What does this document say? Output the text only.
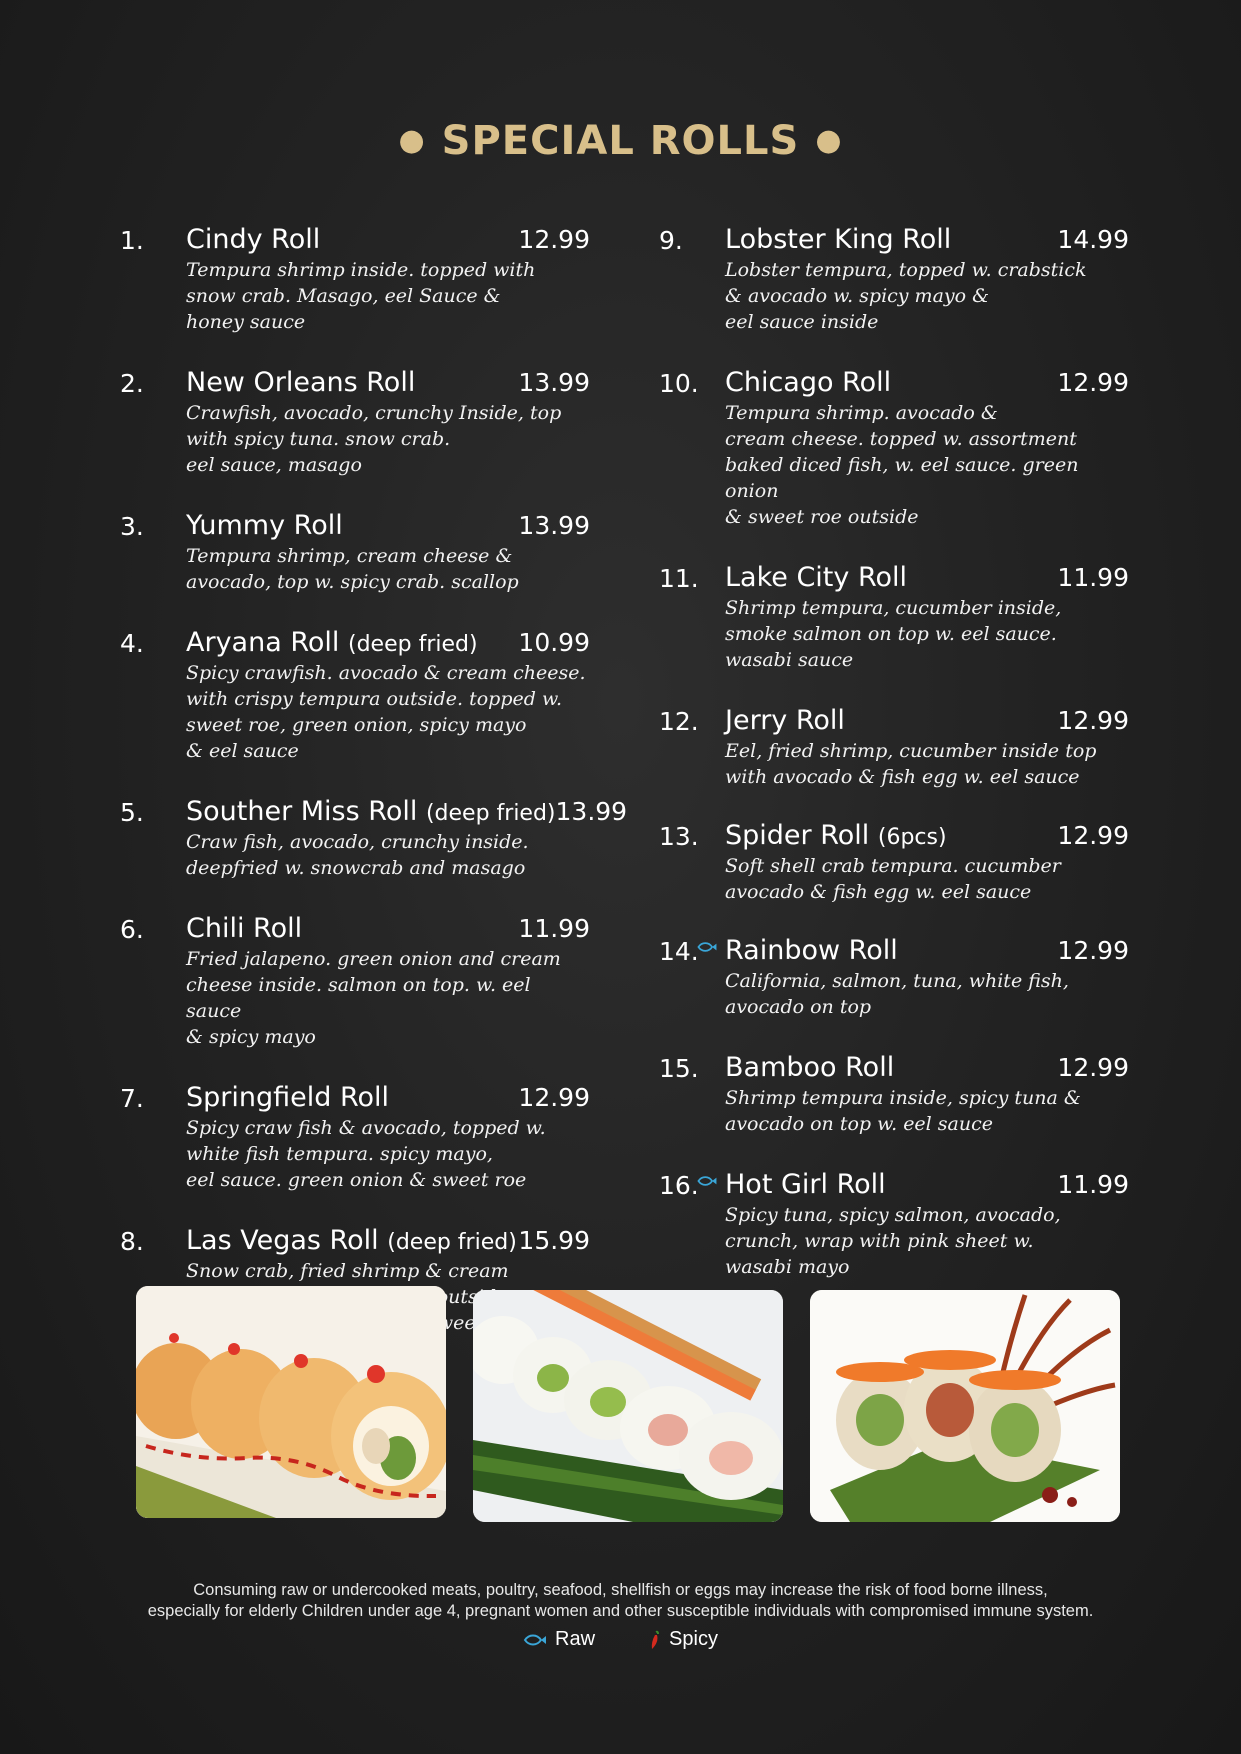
● SPECIAL ROLLS ●
1. Cindy Roll	12.99
Tempura shrimp inside. topped with
snow crab. Masago, eel Sauce &
honey sauce
2. New Orleans Roll	13.99
Crawfish, avocado, crunchy Inside, top
with spicy tuna. snow crab.
eel sauce, masago
3. Yummy Roll	13.99
Tempura shrimp, cream cheese &
avocado, top w. spicy crab. scallop
4. Aryana Roll (deep fried) 10.99
Spicy crawfish. avocado & cream cheese.
with crispy tempura outside. topped w.
sweet roe, green onion, spicy mayo
& eel sauce
5. Souther Miss Roll (deep fried) 13.99
Craw fish, avocado, crunchy inside.
deepfried w. snowcrab and masago
6. Chili Roll	11.99
Fried jalapeno. green onion and cream
cheese inside. salmon on top. w. eel sauce
& spicy mayo
7. Springfield Roll	12.99
Spicy craw fish & avocado, topped w.
white fish tempura. spicy mayo,
eel sauce. green onion & sweet roe
8. Las Vegas Roll (deep fried) 15.99
Snow crab, fried shrimp & cream
sweet
9. Lobster King Roll	14.99
Lobster tempura, topped w. crabstick
& avocado w. spicy mayo &
eel sauce inside
10. Chicago Roll	12.99
Tempura shrimp. avocado &
cream cheese. topped w. assortment
baked diced fish, w. eel sauce. green onion
& sweet roe outside
11. Lake City Roll	11.99
Shrimp tempura, cucumber inside,
smoke salmon on top w. eel sauce.
wasabi sauce
12. Jerry Roll	12.99
Eel, fried shrimp, cucumber inside top
with avocado & fish egg w. eel sauce
13. Spider Roll (6pcs)	12.99
Soft shell crab tempura. cucumber
avocado & fish egg w. eel sauce
14. Rainbow Roll	12.99
California, salmon, tuna, white fish,
avocado on top
15. Bamboo Roll	12.99
Shrimp tempura inside, spicy tuna &
avocado on top w. eel sauce
16. Hot Girl Roll	11.99
Spicy tuna, spicy salmon, avocado,
crunch, wrap with pink sheet w.
wasabi mayo
Consuming raw or undercooked meats, poultry, seafood, shellfish or eggs may increase the risk of food borne illness,
especially for elderly Children under age 4, pregnant women and other susceptible individuals with compromised immune system.
Raw	Spicy
